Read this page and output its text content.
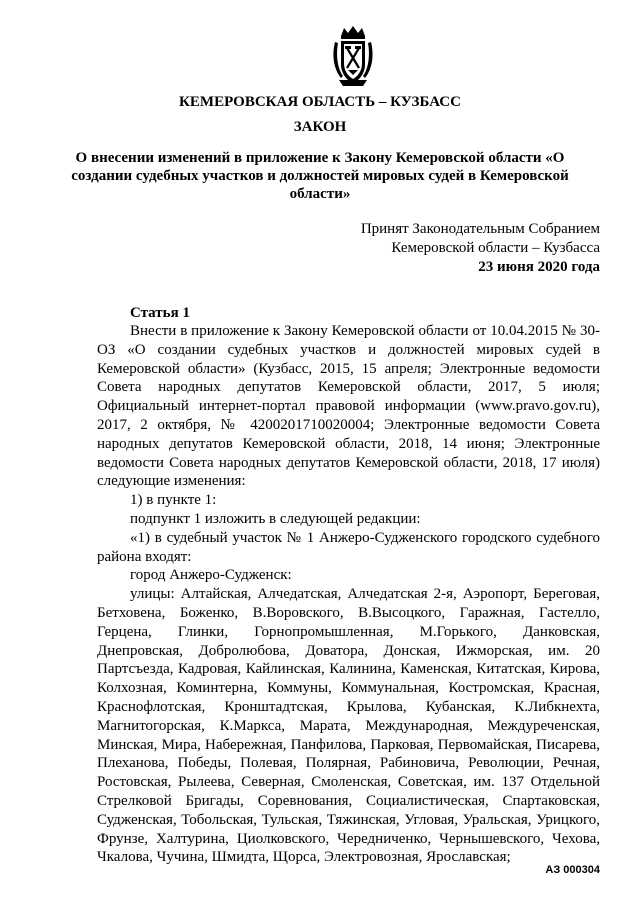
КЕМЕРОВСКАЯ ОБЛАСТЬ – КУЗБАСС
ЗАКОН
О внесении изменений в приложение к Закону Кемеровской области «О создании судебных участков и должностей мировых судей в Кемеровской области»
Принят Законодательным Собранием
Кемеровской области – Кузбасса
23 июня 2020 года
Статья 1

Внести в приложение к Закону Кемеровской области от 10.04.2015 № 30-ОЗ «О создании судебных участков и должностей мировых судей в Кемеровской области» (Кузбасс, 2015, 15 апреля; Электронные ведомости Совета народных депутатов Кемеровской области, 2017, 5 июля; Официальный интернет-портал правовой информации (www.pravo.gov.ru), 2017, 2 октября, № 4200201710020004; Электронные ведомости Совета народных депутатов Кемеровской области, 2018, 14 июня; Электронные ведомости Совета народных депутатов Кемеровской области, 2018, 17 июля) следующие изменения:

1) в пункте 1:

подпункт 1 изложить в следующей редакции:

«1) в судебный участок № 1 Анжеро-Судженского городского судебного района входят:

город Анжеро-Судженск:

улицы: Алтайская, Алчедатская, Алчедатская 2-я, Аэропорт, Береговая, Бетховена, Боженко, В.Воровского, В.Высоцкого, Гаражная, Гастелло, Герцена, Глинки, Горнопромышленная, М.Горького, Данковская, Днепровская, Добролюбова, Доватора, Донская, Ижморская, им. 20 Партсъезда, Кадровая, Кайлинская, Калинина, Каменская, Китатская, Кирова, Колхозная, Коминтерна, Коммуны, Коммунальная, Костромская, Красная, Краснофлотская, Кронштадтская, Крылова, Кубанская, К.Либкнехта, Магнитогорская, К.Маркса, Марата, Международная, Междуреченская, Минская, Мира, Набережная, Панфилова, Парковая, Первомайская, Писарева, Плеханова, Победы, Полевая, Полярная, Рабиновича, Революции, Речная, Ростовская, Рылеева, Северная, Смоленская, Советская, им. 137 Отдельной Стрелковой Бригады, Соревнования, Социалистическая, Спартаковская, Судженская, Тобольская, Тульская, Тяжинская, Угловая, Уральская, Урицкого, Фрунзе, Халтурина, Циолковского, Чередниченко, Чернышевского, Чехова, Чкалова, Чучина, Шмидта, Щорса, Электровозная, Ярославская;

АЗ 000304
